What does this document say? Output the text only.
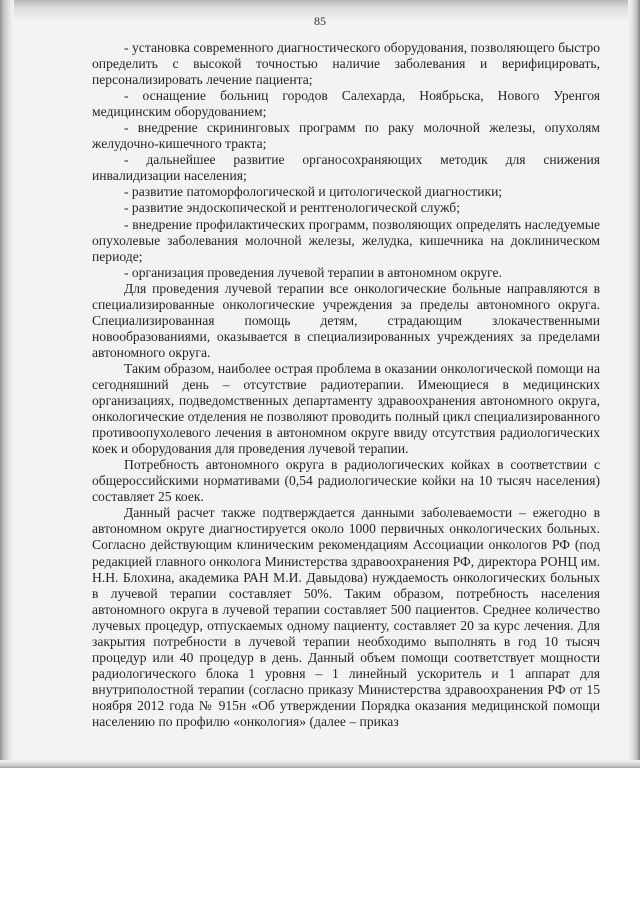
85

- установка современного диагностического оборудования, позволяющего быстро определить с высокой точностью наличие заболевания и верифицировать, персонализировать лечение пациента;

- оснащение больниц городов Салехарда, Ноябрьска, Нового Уренгоя медицинским оборудованием;

- внедрение скрининговых программ по раку молочной железы, опухолям желудочно-кишечного тракта;

- дальнейшее развитие органосохраняющих методик для снижения инвалидизации населения;

- развитие патоморфологической и цитологической диагностики;

- развитие эндоскопической и рентгенологической служб;

- внедрение профилактических программ, позволяющих определять наследуемые опухолевые заболевания молочной железы, желудка, кишечника на доклиническом периоде;

- организация проведения лучевой терапии в автономном округе.

Для проведения лучевой терапии все онкологические больные направляются в специализированные онкологические учреждения за пределы автономного округа. Специализированная помощь детям, страдающим злокачественными новообразованиями, оказывается в специализированных учреждениях за пределами автономного округа.

Таким образом, наиболее острая проблема в оказании онкологической помощи на сегодняшний день – отсутствие радиотерапии. Имеющиеся в медицинских организациях, подведомственных департаменту здравоохранения автономного округа, онкологические отделения не позволяют проводить полный цикл специализированного противоопухолевого лечения в автономном округе ввиду отсутствия радиологических коек и оборудования для проведения лучевой терапии.

Потребность автономного округа в радиологических койках в соответствии с общероссийскими нормативами (0,54 радиологические койки на 10 тысяч населения) составляет 25 коек.

Данный расчет также подтверждается данными заболеваемости – ежегодно в автономном округе диагностируется около 1000 первичных онкологических больных. Согласно действующим клиническим рекомендациям Ассоциации онкологов РФ (под редакцией главного онколога Министерства здравоохранения РФ, директора РОНЦ им. Н.Н. Блохина, академика РАН М.И. Давыдова) нуждаемость онкологических больных в лучевой терапии составляет 50%. Таким образом, потребность населения автономного округа в лучевой терапии составляет 500 пациентов. Среднее количество лучевых процедур, отпускаемых одному пациенту, составляет 20 за курс лечения. Для закрытия потребности в лучевой терапии необходимо выполнять в год 10 тысяч процедур или 40 процедур в день. Данный объем помощи соответствует мощности радиологического блока 1 уровня – 1 линейный ускоритель и 1 аппарат для внутриполостной терапии (согласно приказу Министерства здравоохранения РФ от 15 ноября 2012 года № 915н «Об утверждении Порядка оказания медицинской помощи населению по профилю «онкология» (далее – приказ
